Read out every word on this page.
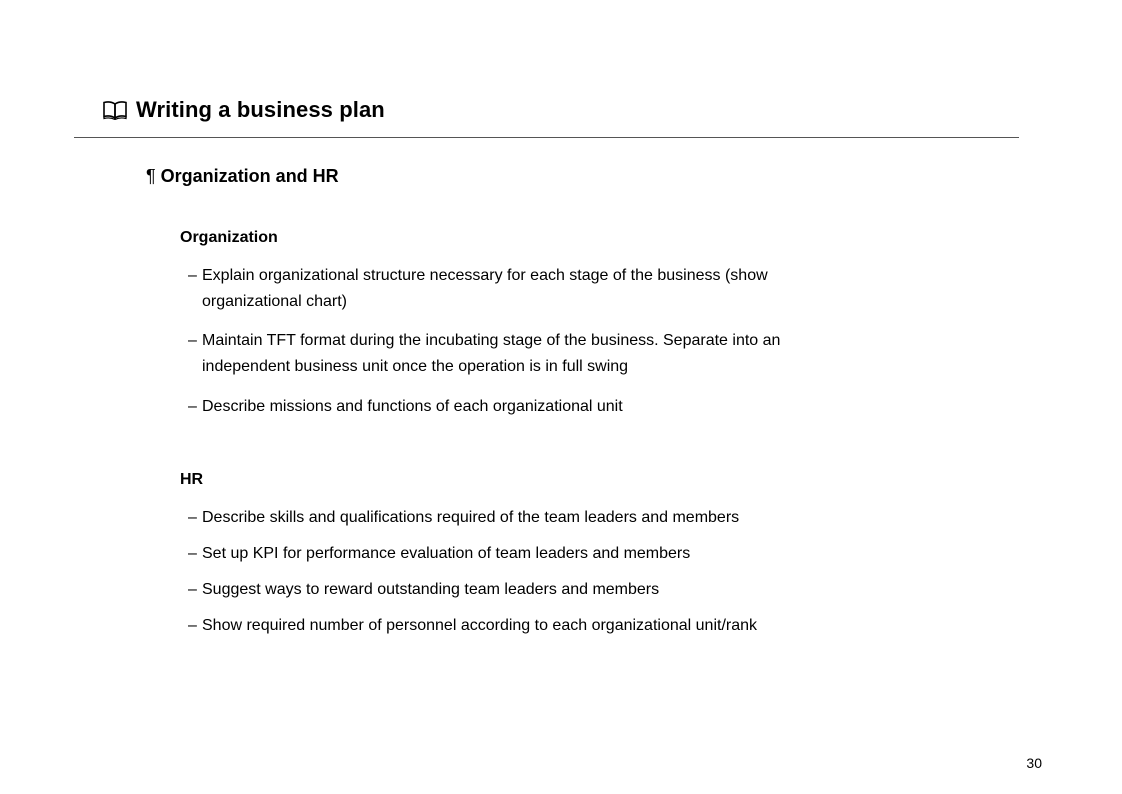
Writing a business plan
¶ Organization and HR
Organization
– Explain organizational structure necessary for each stage of the business (show
organizational chart)
– Maintain TFT format during the incubating stage of the business. Separate into an
independent business unit once the operation is in full swing
– Describe missions and functions of each organizational unit
HR
– Describe skills and qualifications required of the team leaders and members
– Set up KPI for performance evaluation of team leaders and members
– Suggest ways to reward outstanding team leaders and members
– Show required number of personnel according to each organizational unit/rank
30
